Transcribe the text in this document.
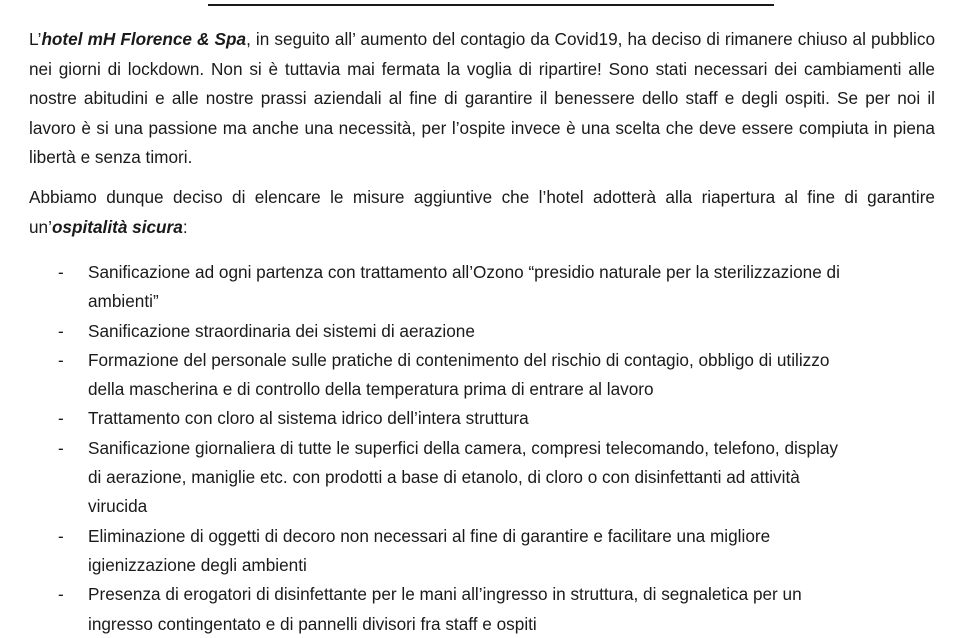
L’hotel mH Florence & Spa, in seguito all’ aumento del contagio da Covid19, ha deciso di rimanere chiuso al pubblico nei giorni di lockdown. Non si è tuttavia mai fermata la voglia di ripartire! Sono stati necessari dei cambiamenti alle nostre abitudini e alle nostre prassi aziendali al fine di garantire il benessere dello staff e degli ospiti. Se per noi il lavoro è si una passione ma anche una necessità, per l’ospite invece è una scelta che deve essere compiuta in piena libertà e senza timori.

Abbiamo dunque deciso di elencare le misure aggiuntive che l’hotel adotterà alla riapertura al fine di garantire un’ospitalità sicura:

- Sanificazione ad ogni partenza con trattamento all’Ozono “presidio naturale per la sterilizzazione di
ambienti”
- Sanificazione straordinaria dei sistemi di aerazione
- Formazione del personale sulle pratiche di contenimento del rischio di contagio, obbligo di utilizzo
della mascherina e di controllo della temperatura prima di entrare al lavoro
- Trattamento con cloro al sistema idrico dell’intera struttura
- Sanificazione giornaliera di tutte le superfici della camera, compresi telecomando, telefono, display
di aerazione, maniglie etc. con prodotti a base di etanolo, di cloro o con disinfettanti ad attività
virucida
- Eliminazione di oggetti di decoro non necessari al fine di garantire e facilitare una migliore
igienizzazione degli ambienti
- Presenza di erogatori di disinfettante per le mani all’ingresso in struttura, di segnaletica per un
ingresso contingentato e di pannelli divisori fra staff e ospiti
